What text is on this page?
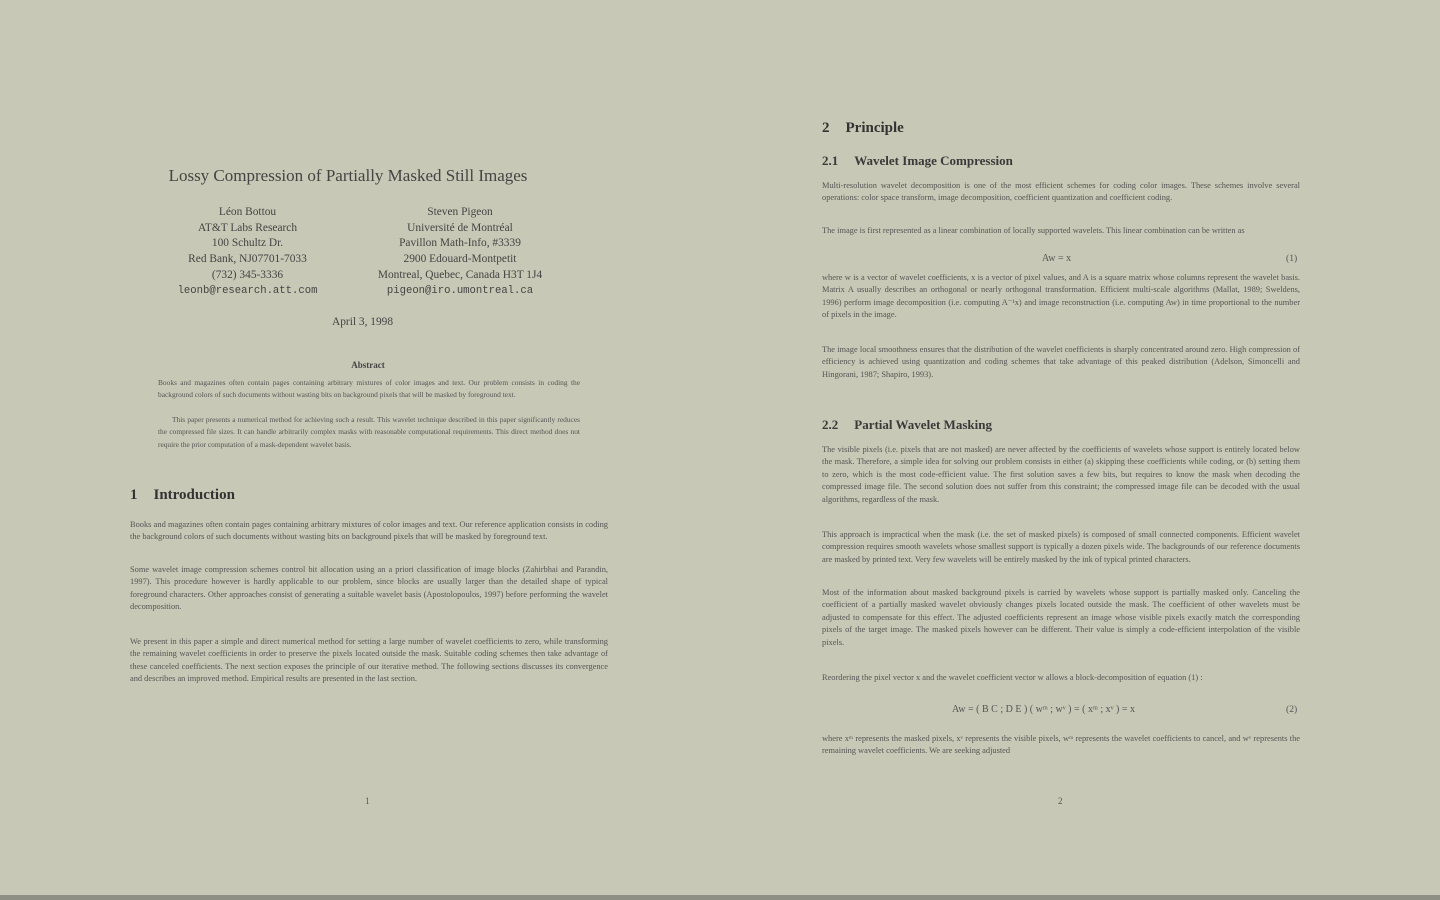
Lossy Compression of Partially Masked Still Images
Léon Bottou
AT&T Labs Research
100 Schultz Dr.
Red Bank, NJ07701-7033
(732) 345-3336
leonb@research.att.com
Steven Pigeon
Université de Montréal
Pavillon Math-Info, #3339
2900 Edouard-Montpetit
Montreal, Quebec, Canada H3T 1J4
pigeon@iro.umontreal.ca
April 3, 1998
Abstract
Books and magazines often contain pages containing arbitrary mixtures of color images and text. Our problem consists in coding the background colors of such documents without wasting bits on background pixels that will be masked by foreground text.
This paper presents a numerical method for achieving such a result. This wavelet technique described in this paper significantly reduces the compressed file sizes. It can handle arbitrarily complex masks with reasonable computational requirements. This direct method does not require the prior computation of a mask-dependent wavelet basis.
1 Introduction
Books and magazines often contain pages containing arbitrary mixtures of color images and text. Our reference application consists in coding the background colors of such documents without wasting bits on background pixels that will be masked by foreground text.
Some wavelet image compression schemes control bit allocation using an a priori classification of image blocks (Zahirbhai and Parandin, 1997). This procedure however is hardly applicable to our problem, since blocks are usually larger than the detailed shape of typical foreground characters. Other approaches consist of generating a suitable wavelet basis (Apostolopoulos, 1997) before performing the wavelet decomposition.
We present in this paper a simple and direct numerical method for setting a large number of wavelet coefficients to zero, while transforming the remaining wavelet coefficients in order to preserve the pixels located outside the mask. Suitable coding schemes then take advantage of these canceled coefficients. The next section exposes the principle of our iterative method. The following sections discusses its convergence and describes an improved method. Empirical results are presented in the last section.
1
2 Principle
2.1 Wavelet Image Compression
Multi-resolution wavelet decomposition is one of the most efficient schemes for coding color images. These schemes involve several operations: color space transform, image decomposition, coefficient quantization and coefficient coding.
The image is first represented as a linear combination of locally supported wavelets. This linear combination can be written as
Aw = x	(1)
where w is a vector of wavelet coefficients, x is a vector of pixel values, and A is a square matrix whose columns represent the wavelet basis. Matrix A usually describes an orthogonal or nearly orthogonal transformation. Efficient multi-scale algorithms (Mallat, 1989; Sweldens, 1996) perform image decomposition (i.e. computing A⁻¹x) and image reconstruction (i.e. computing Aw) in time proportional to the number of pixels in the image.
The image local smoothness ensures that the distribution of the wavelet coefficients is sharply concentrated around zero. High compression of efficiency is achieved using quantization and coding schemes that take advantage of this peaked distribution (Adelson, Simoncelli and Hingorani, 1987; Shapiro, 1993).
2.2 Partial Wavelet Masking
The visible pixels (i.e. pixels that are not masked) are never affected by the coefficients of wavelets whose support is entirely located below the mask. Therefore, a simple idea for solving our problem consists in either (a) skipping these coefficients while coding, or (b) setting them to zero, which is the most code-efficient value. The first solution saves a few bits, but requires to know the mask when decoding the compressed image file. The second solution does not suffer from this constraint; the compressed image file can be decoded with the usual algorithms, regardless of the mask.
This approach is impractical when the mask (i.e. the set of masked pixels) is composed of small connected components. Efficient wavelet compression requires smooth wavelets whose smallest support is typically a dozen pixels wide. The backgrounds of our reference documents are masked by printed text. Very few wavelets will be entirely masked by the ink of typical printed characters.
Most of the information about masked background pixels is carried by wavelets whose support is partially masked only. Canceling the coefficient of a partially masked wavelet obviously changes pixels located outside the mask. The coefficient of other wavelets must be adjusted to compensate for this effect. The adjusted coefficients represent an image whose visible pixels exactly match the corresponding pixels of the target image. The masked pixels however can be different. Their value is simply a code-efficient interpolation of the visible pixels.
Reordering the pixel vector x and the wavelet coefficient vector w allows a block-decomposition of equation (1) :
Aw = ( B C ; D E ) ( wᵐ ; wᵛ ) = ( xᵐ ; xᵛ ) = x	(2)
where xᵐ represents the masked pixels, xᵛ represents the visible pixels, wᵐ represents the wavelet coefficients to cancel, and wᵛ represents the remaining wavelet coefficients. We are seeking adjusted
2
